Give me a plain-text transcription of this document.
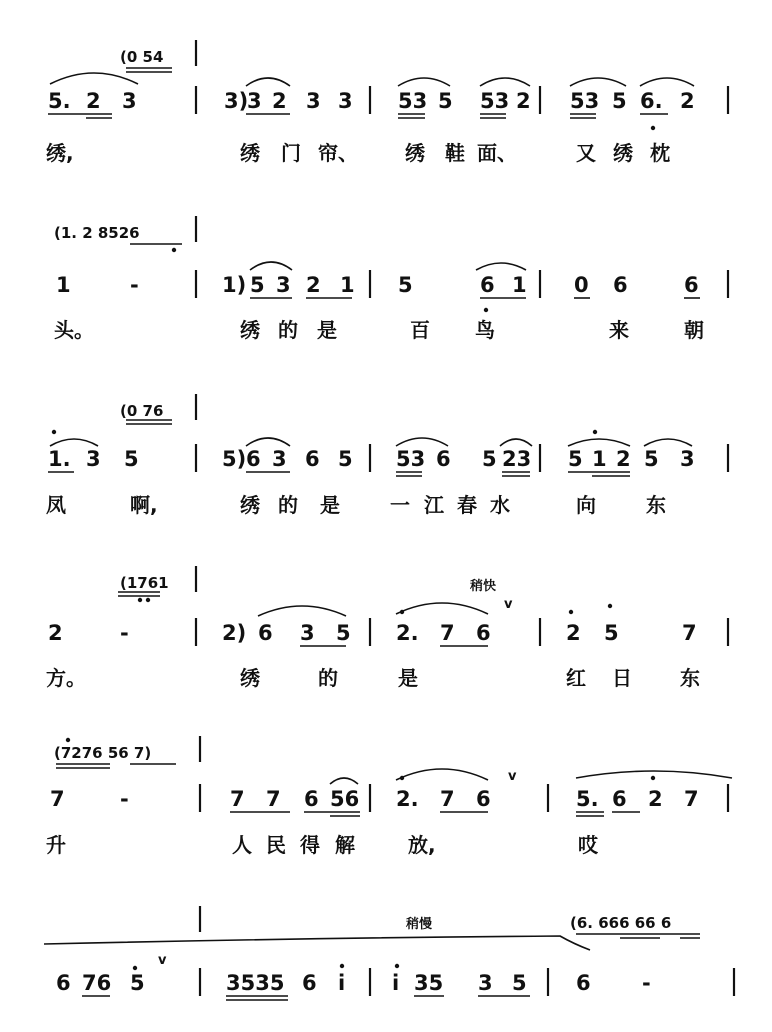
(0 54
5. 2 3	3)
3 2 3 3 53 5 53 2 53 5 6. 2
绣,	绣 门 帘、 绣 鞋 面、	又 绣 枕
(1. 2 8526
1	-	1) 5 3 2 1 5	6 1 0 6	6
头。	绣 的 是	百 鸟	来	朝
(0 76
1. 3 5	5) 6 3 6 5 53 6 5 23 5 1 2 5 3
凤	啊,	绣 的 是	一 江 春 水	向	东
(1761	稍快
2	-	2) 6 3 5 2. 7 6	2 5	7
方。	绣	的	是	红 日 东
(7276 56 7)
7	-	7 7 6 56 2. 7 6	5. 6 2 7
升	人 民 得 解	放,	哎
(6. 666 66 6
稍慢
6 76 5	3535 6 i i 35 3 5 6 -
v
v
v
